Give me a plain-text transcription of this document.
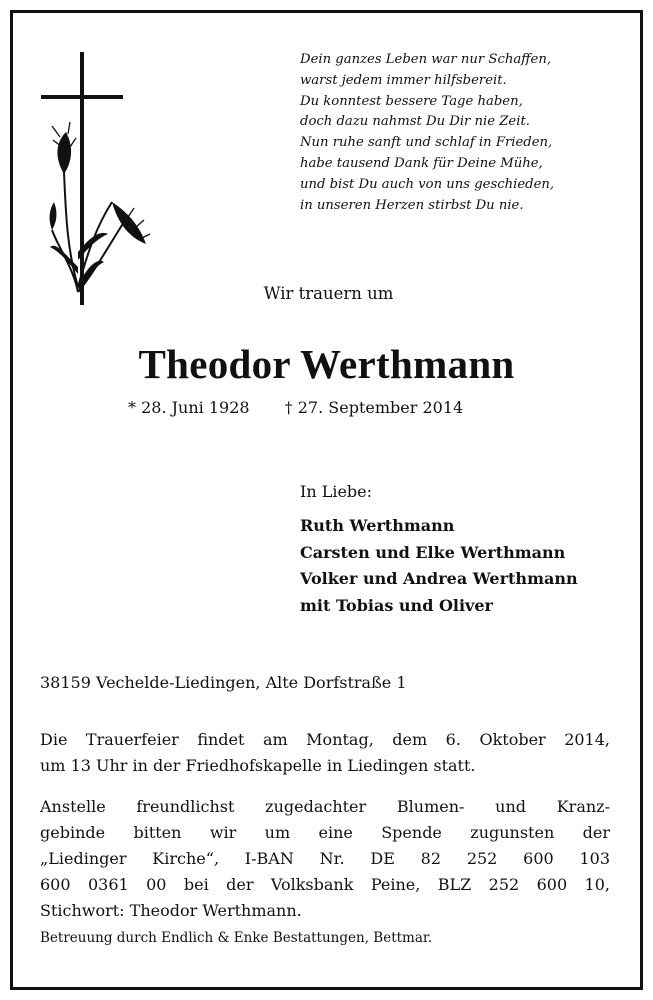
Dein ganzes Leben war nur Schaffen,
warst jedem immer hilfsbereit.
Du konntest bessere Tage haben,
doch dazu nahmst Du Dir nie Zeit.
Nun ruhe sanft und schlaf in Frieden,
habe tausend Dank für Deine Mühe,
und bist Du auch von uns geschieden,
in unseren Herzen stirbst Du nie.
Wir trauern um
Theodor Werthmann
* 28. Juni 1928 † 27. September 2014
In Liebe:
Ruth Werthmann
Carsten und Elke Werthmann
Volker und Andrea Werthmann
mit Tobias und Oliver
38159 Vechelde-Liedingen, Alte Dorfstraße 1
Die Trauerfeier findet am Montag, dem 6. Oktober 2014,
um 13 Uhr in der Friedhofskapelle in Liedingen statt.
Anstelle freundlichst zugedachter Blumen- und Kranz-
gebinde bitten wir um eine Spende zugunsten der
„Liedinger Kirche“, I-BAN Nr. DE 82 252 600 103
600 0361 00 bei der Volksbank Peine, BLZ 252 600 10,
Stichwort: Theodor Werthmann.
Betreuung durch Endlich & Enke Bestattungen, Bettmar.
